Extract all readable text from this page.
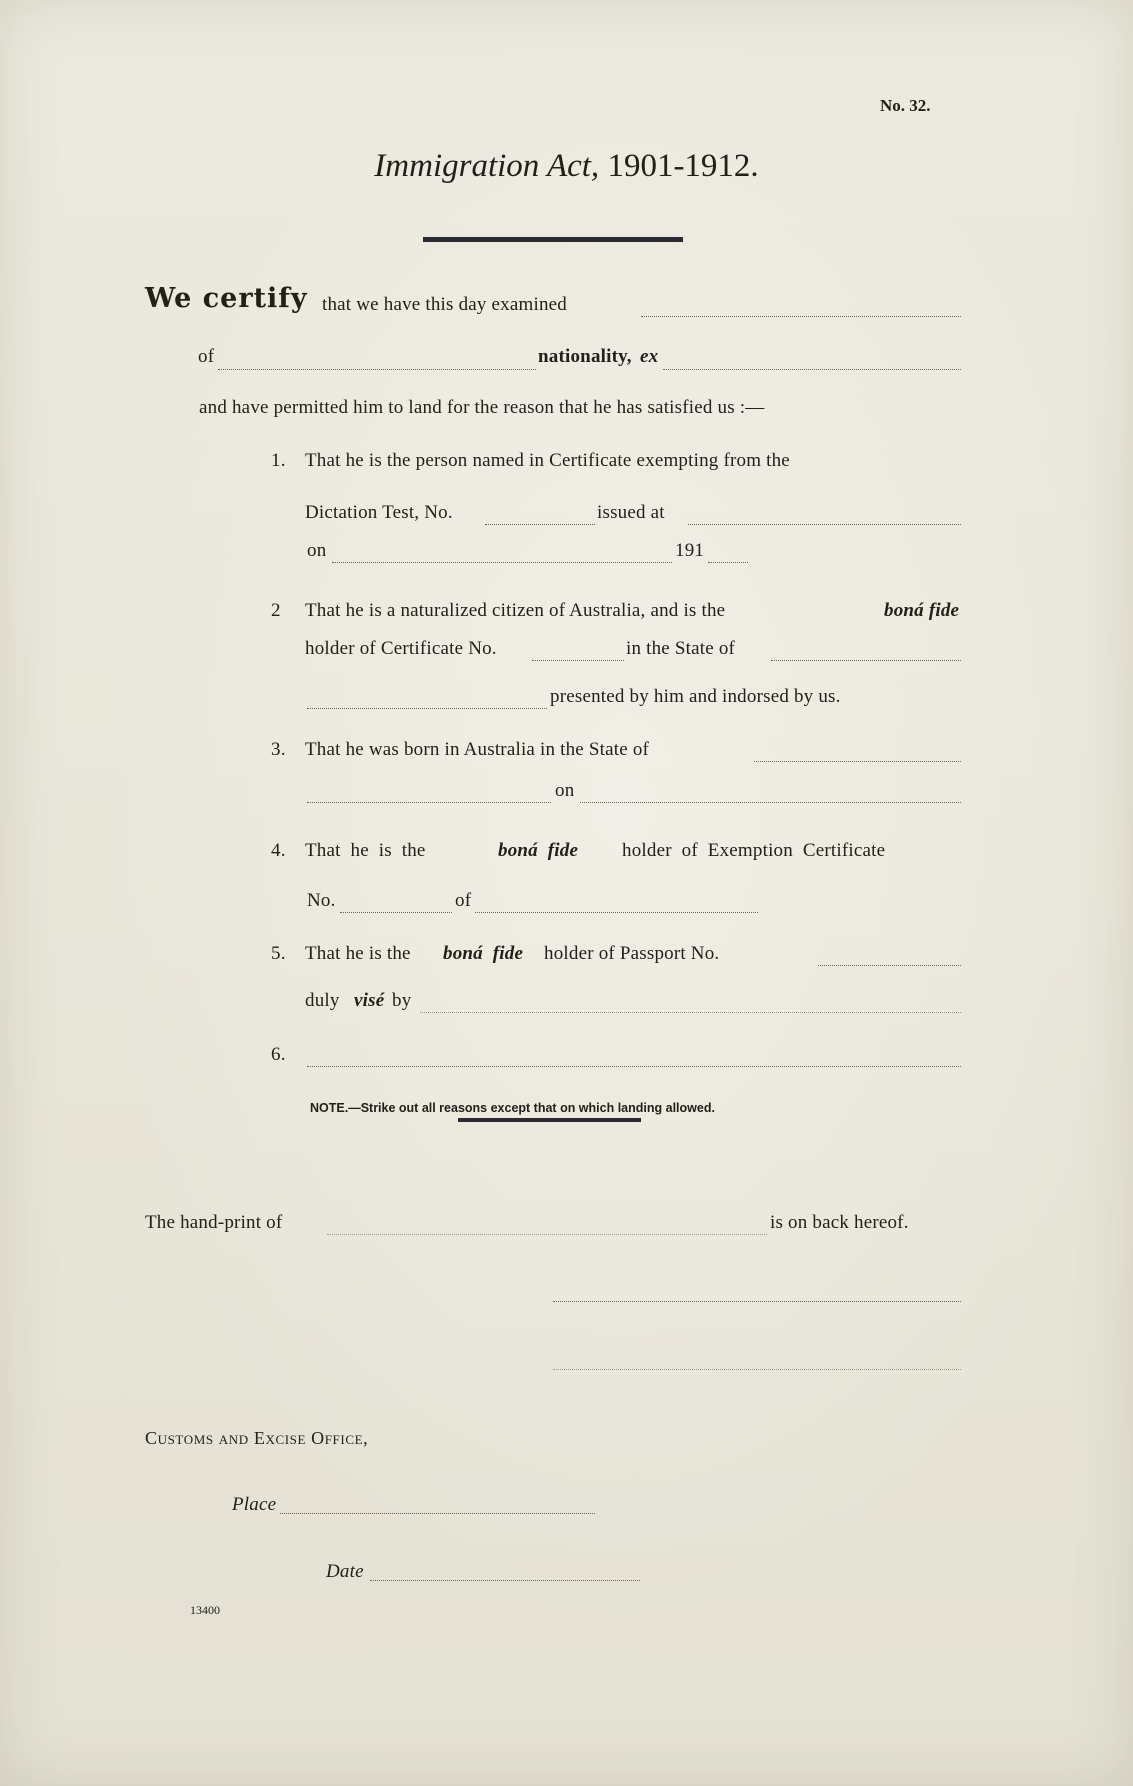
No. 32.
Immigration Act, 1901-1912.
We certify that we have this day examined
of	nationality, ex
and have permitted him to land for the reason that he has satisfied us :—
1. That he is the person named in Certificate exempting from the
Dictation Test, No.	issued at
on	191
2 That he is a naturalized citizen of Australia, and is the	boná fide
holder of Certificate No.	in the State of
presented by him and indorsed by us.
3. That he was born in Australia in the State of
on
4. That  he  is  the	boná  fide holder  of  Exemption  Certificate
No.	of
5. That he is the boná  fide holder of Passport No.
duly visé by
6.
NOTE.—Strike out all reasons except that on which landing allowed.
The hand-print of	is on back hereof.
Customs and Excise Office,
Place
Date
13400
